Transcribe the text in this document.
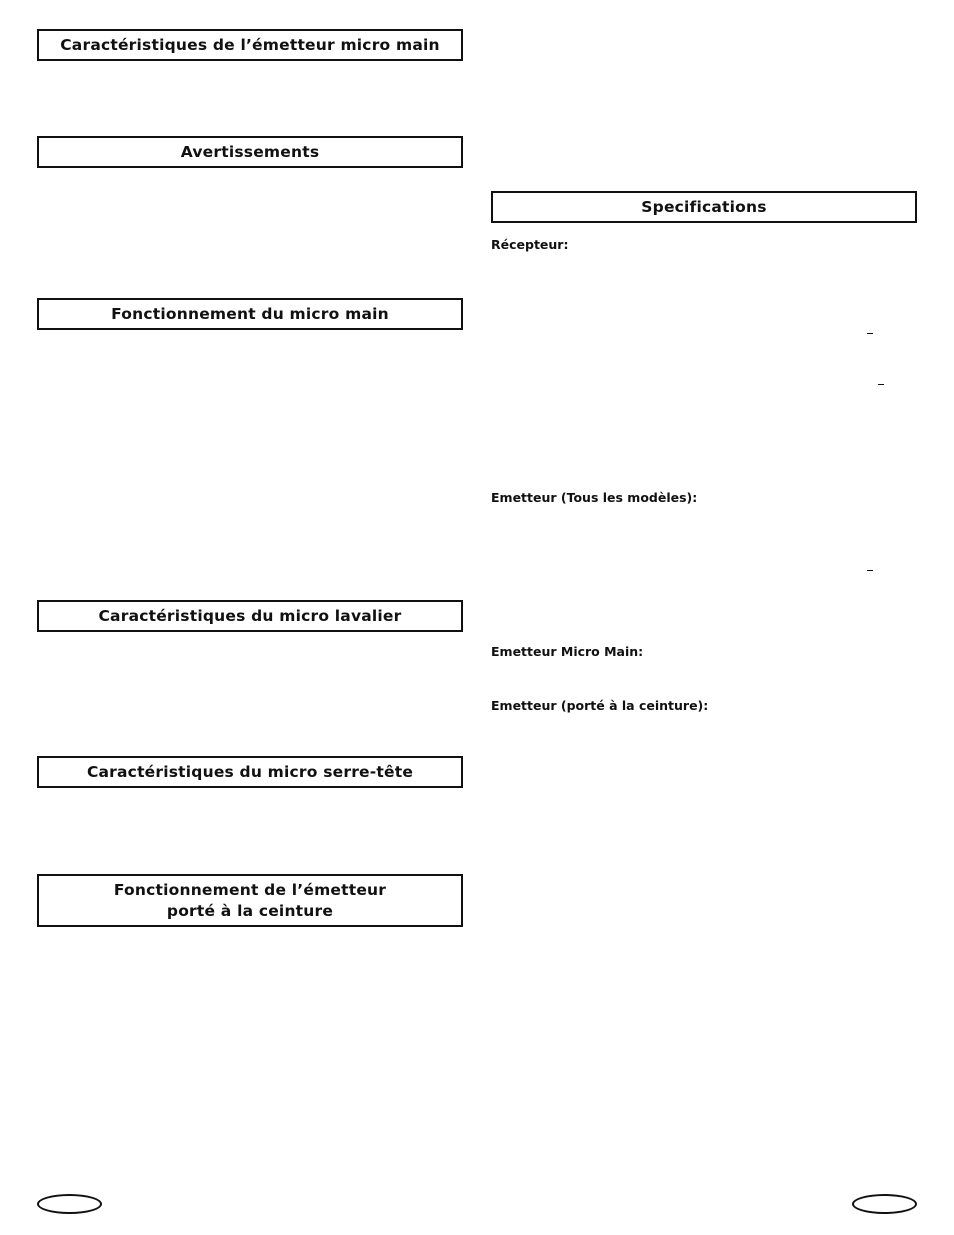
Caractéristiques de l’émetteur micro main
Avertissements
Fonctionnement du micro main
Caractéristiques du micro lavalier
Caractéristiques du micro serre-tête
Fonctionnement de l’émetteur
porté à la ceinture
Specifications
Récepteur:
Emetteur (Tous les modèles):
Emetteur Micro Main:
Emetteur (porté à la ceinture):
